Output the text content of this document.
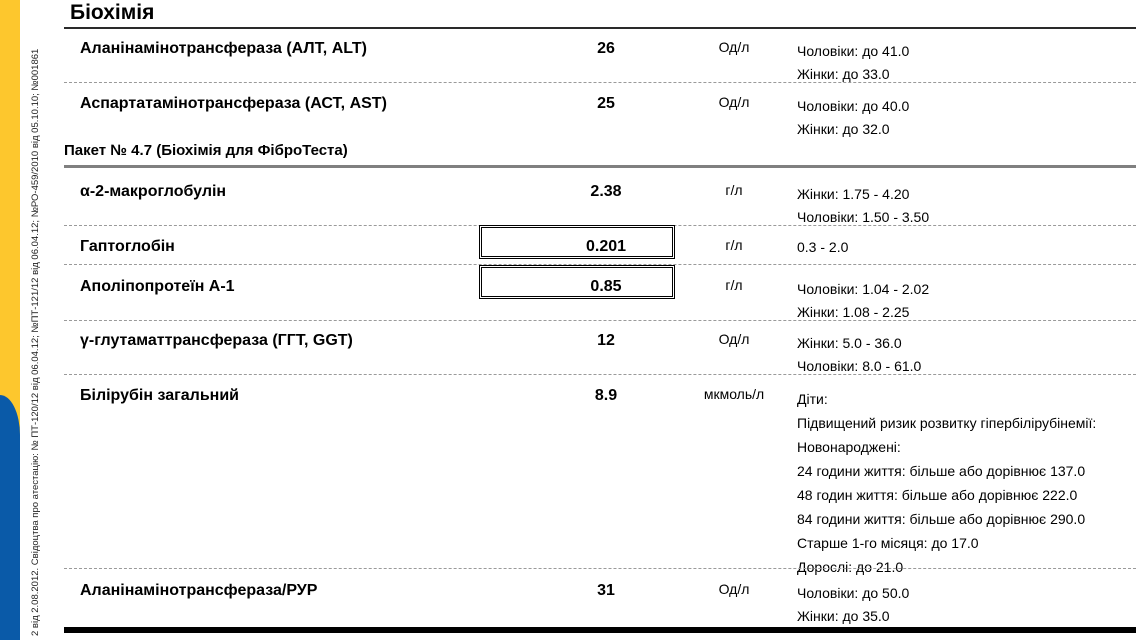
2 від 2.08.2012. Свідоцтва про атестацію: № ПТ-120/12 від 06.04.12; №ПТ-121/12 від 06.04.12; №РО-459/2010 від 05.10.10; №001861
Біохімія
Аланінамінотрансфераза (АЛТ, ALT)	26	Од/л	Чоловіки: до 41.0
Жінки: до 33.0
Аспартатамінотрансфераза (АСТ, AST)	25	Од/л	Чоловіки: до 40.0
Жінки: до 32.0
Пакет № 4.7 (Біохімія для ФіброТеста)
α-2-макроглобулін	2.38	г/л	Жінки: 1.75 - 4.20
Чоловіки: 1.50 - 3.50
Гаптоглобін	0.201	г/л	0.3 - 2.0
Аполіпопротеїн А-1	0.85	г/л	Чоловіки: 1.04 - 2.02
Жінки: 1.08 - 2.25
γ-глутаматтрансфераза (ГГТ, GGT)	12	Од/л	Жінки: 5.0 - 36.0
Чоловіки: 8.0 - 61.0
Білірубін загальний	8.9	мкмоль/л	Діти:
Підвищений ризик розвитку гіпербілірубінемії:
Новонароджені:
24 години життя: більше або дорівнює 137.0
48 годин життя: більше або дорівнює 222.0
84 години життя: більше або дорівнює 290.0
Старше 1-го місяця: до 17.0
Дорослі: до 21.0
Аланінамінотрансфераза/РУР	31	Од/л	Чоловіки: до 50.0
Жінки: до 35.0
